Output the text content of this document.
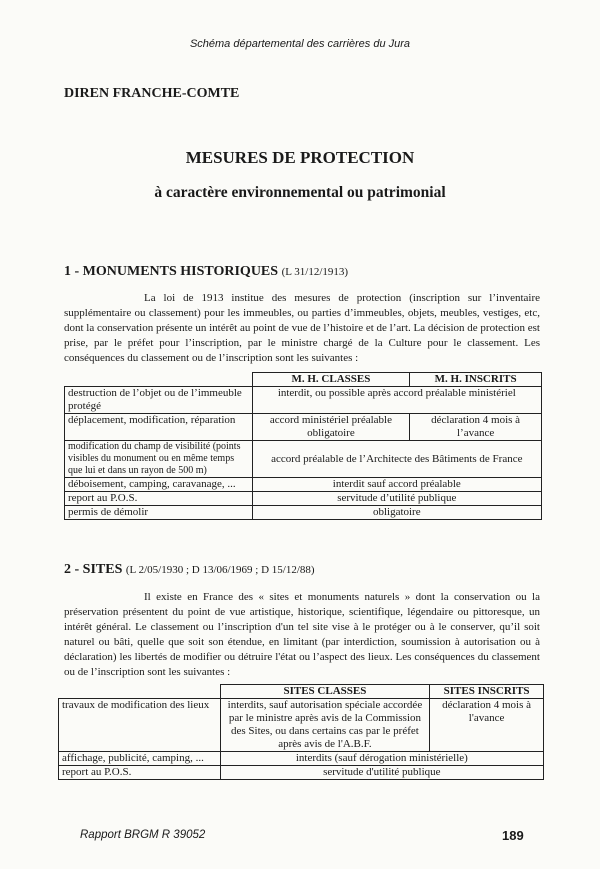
Schéma départemental des carrières du Jura
DIREN FRANCHE-COMTE
MESURES DE PROTECTION
à caractère environnemental ou patrimonial
1 - MONUMENTS HISTORIQUES (L 31/12/1913)
La loi de 1913 institue des mesures de protection (inscription sur l’inventaire supplémentaire ou classement) pour les immeubles, ou parties d’immeubles, objets, meubles, vestiges, etc, dont la conservation présente un intérêt au point de vue de l’histoire et de l’art. La décision de protection est prise, par le préfet pour l’inscription, par le ministre chargé de la Culture pour le classement. Les conséquences du classement ou de l’inscription sont les suivantes :
	M. H. CLASSES	M. H. INSCRITS
destruction de l’objet ou de l’immeuble protégé	interdit, ou possible après accord préalable ministériel	
déplacement, modification, réparation	accord ministériel préalable obligatoire	déclaration 4 mois à l’avance
modification du champ de visibilité (points visibles du monument ou en même temps que lui et dans un rayon de 500 m)	accord préalable de l’Architecte des Bâtiments de France	
déboisement, camping, caravanage, ...	interdit sauf accord préalable	
report au P.O.S.	servitude d’utilité publique	
permis de démolir	obligatoire	
2 - SITES (L 2/05/1930 ; D 13/06/1969 ; D 15/12/88)
Il existe en France des « sites et monuments naturels » dont la conservation ou la préservation présentent du point de vue artistique, historique, scientifique, légendaire ou pittoresque, un intérêt général. Le classement ou l’inscription d'un tel site vise à le protéger ou à le conserver, qu’il soit naturel ou bâti, quelle que soit son étendue, en limitant (par interdiction, soumission à autorisation ou à déclaration) les libertés de modifier ou détruire l'état ou l’aspect des lieux. Les conséquences du classement ou de l’inscription sont les suivantes :
	SITES CLASSES	SITES INSCRITS
travaux de modification des lieux	interdits, sauf autorisation spéciale accordée par le ministre après avis de la Commission des Sites, ou dans certains cas par le préfet après avis de l'A.B.F.	déclaration 4 mois à l'avance
affichage, publicité, camping, ...	interdits (sauf dérogation ministérielle)	
report au P.O.S.	servitude d'utilité publique	
Rapport BRGM R 39052	189
